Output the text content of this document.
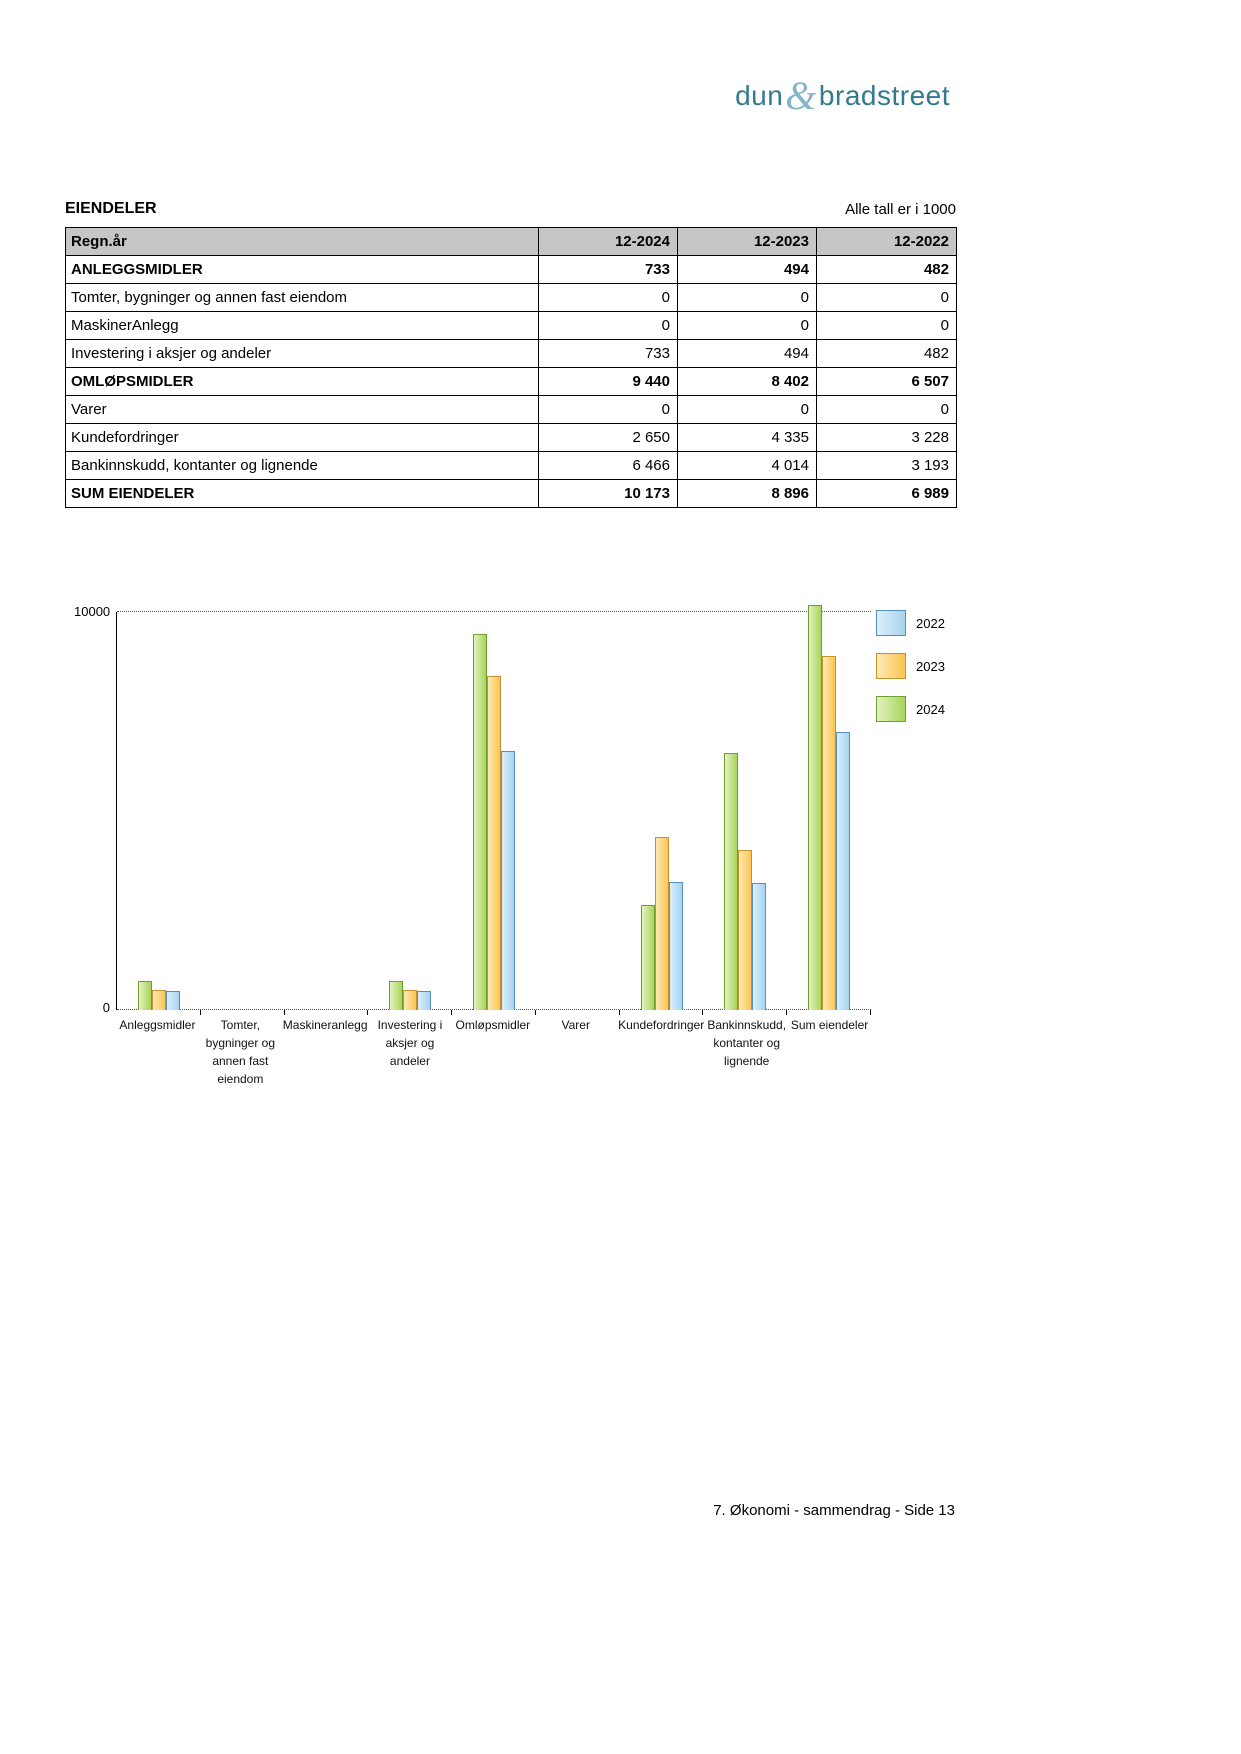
dun&bradstreet
EIENDELER	Alle tall er i 1000
Regn.år	12-2024	12-2023	12-2022
ANLEGGSMIDLER	733	494	482
Tomter, bygninger og annen fast eiendom	0	0	0
MaskinerAnlegg	0	0	0
Investering i aksjer og andeler	733	494	482
OMLØPSMIDLER	9 440	8 402	6 507
Varer	0	0	0
Kundefordringer	2 650	4 335	3 228
Bankinnskudd, kontanter og lignende	6 466	4 014	3 193
SUM EIENDELER	10 173	8 896	6 989
10000
0
Anleggsmidler	Tomter, bygninger og annen fast eiendom
Maskineranlegg Investering i aksjer og andeler
Omløpsmidler	Varer	Kundefordringer Bankinnskudd, kontanter og lignende
Sum eiendeler
2022
2023
2024
7. Økonomi - sammendrag - Side 13
